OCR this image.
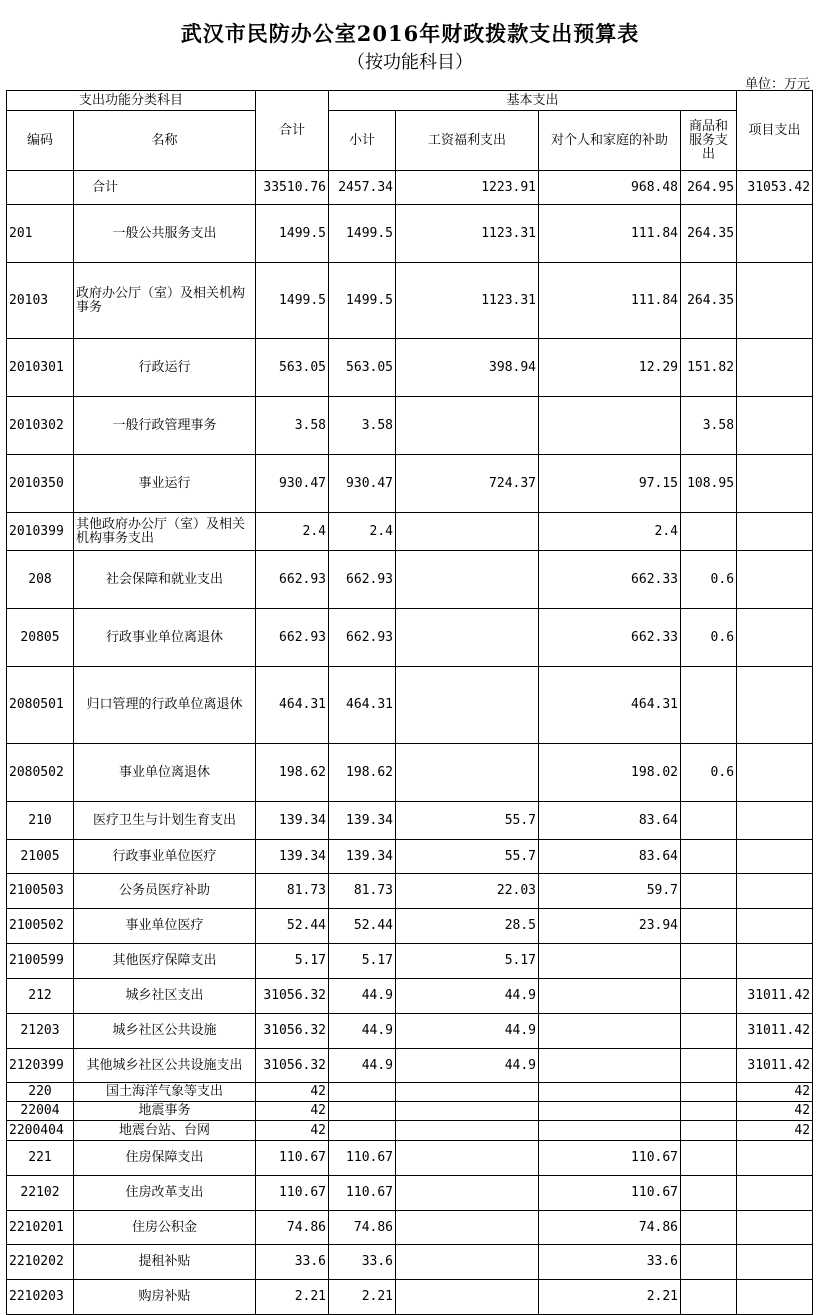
武汉市民防办公室2016年财政拨款支出预算表
（按功能科目）
单位：万元
支出功能分类科目		合计	基本支出				项目支出
编码	名称		小计	工资福利支出	对个人和家庭的补助	商品和服务支出	
	合计	33510.76	2457.34	1223.91	968.48	264.95	31053.42
201	一般公共服务支出	1499.5	1499.5	1123.31	111.84	264.35	
20103	政府办公厅（室）及相关机构事务	1499.5	1499.5	1123.31	111.84	264.35	
2010301	行政运行	563.05	563.05	398.94	12.29	151.82	
2010302	一般行政管理事务	3.58	3.58			3.58	
2010350	事业运行	930.47	930.47	724.37	97.15	108.95	
2010399	其他政府办公厅（室）及相关机构事务支出	2.4	2.4		2.4		
208	社会保障和就业支出	662.93	662.93		662.33	0.6	
20805	行政事业单位离退休	662.93	662.93		662.33	0.6	
2080501	归口管理的行政单位离退休	464.31	464.31		464.31		
2080502	事业单位离退休	198.62	198.62		198.02	0.6	
210	医疗卫生与计划生育支出	139.34	139.34	55.7	83.64		
21005	行政事业单位医疗	139.34	139.34	55.7	83.64		
2100503	公务员医疗补助	81.73	81.73	22.03	59.7		
2100502	事业单位医疗	52.44	52.44	28.5	23.94		
2100599	其他医疗保障支出	5.17	5.17	5.17			
212	城乡社区支出	31056.32	44.9	44.9			31011.42
21203	城乡社区公共设施	31056.32	44.9	44.9			31011.42
2120399	其他城乡社区公共设施支出	31056.32	44.9	44.9			31011.42
220	国土海洋气象等支出	42					42
22004	地震事务	42					42
2200404	地震台站、台网	42					42
221	住房保障支出	110.67	110.67		110.67		
22102	住房改革支出	110.67	110.67		110.67		
2210201	住房公积金	74.86	74.86		74.86		
2210202	提租补贴	33.6	33.6		33.6		
2210203	购房补贴	2.21	2.21		2.21		
